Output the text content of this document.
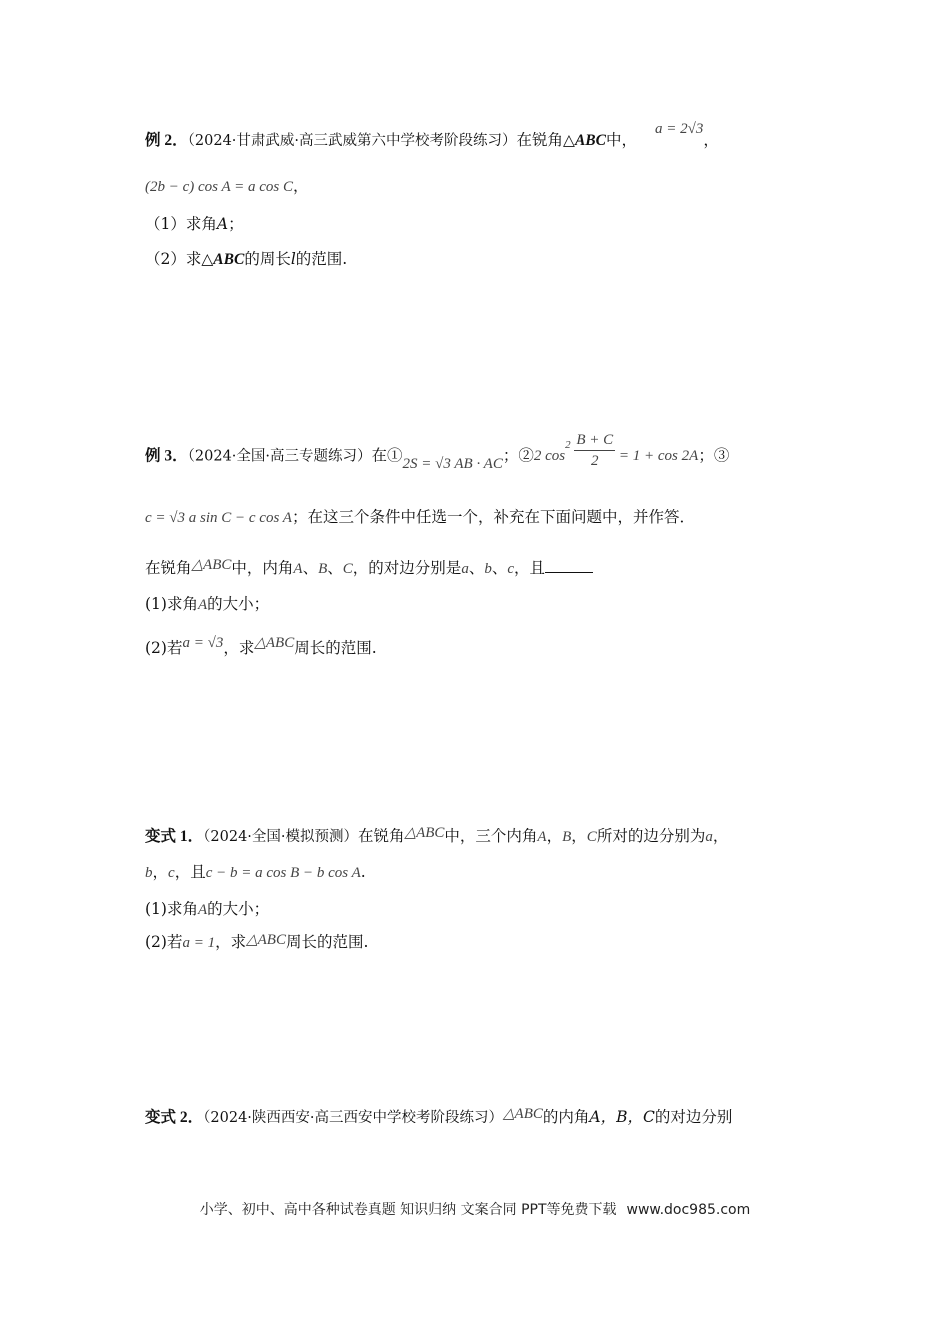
例 2．（2024·甘肃武威·高三武威第六中学校考阶段练习）在锐角△ABC中，a = 2√3，
(2b − c) cos A = a cos C，
（1）求角A；
（2）求△ABC的周长l的范围.
例 3．（2024·全国·高三专题练习）在①2S = √3 AB · AC；②2 $\cos 2 \frac{B + C}{2} = 1 + \cos 2A$；③
c = √3 a sin C − c cos A；在这三个条件中任选一个，补充在下面问题中，并作答．
在锐角△ABC中，内角A、B、C，的对边分别是a、b、c，且
(1)求角A的大小；
(2)若a = √3，求△ABC周长的范围.
变式 1．（2024·全国·模拟预测）在锐角△ABC中，三个内角A，B，C所对的边分别为a，
b，c，且c − b = a cos B − b cos A.
(1)求角A的大小；
(2)若a = 1，求△ABC周长的范围.
变式 2．（2024·陕西西安·高三西安中学校考阶段练习）△ABC的内角A，B，C的对边分别
小学、初中、高中各种试卷真题 知识归纳 文案合同 PPT等免费下载 www.doc985.com
